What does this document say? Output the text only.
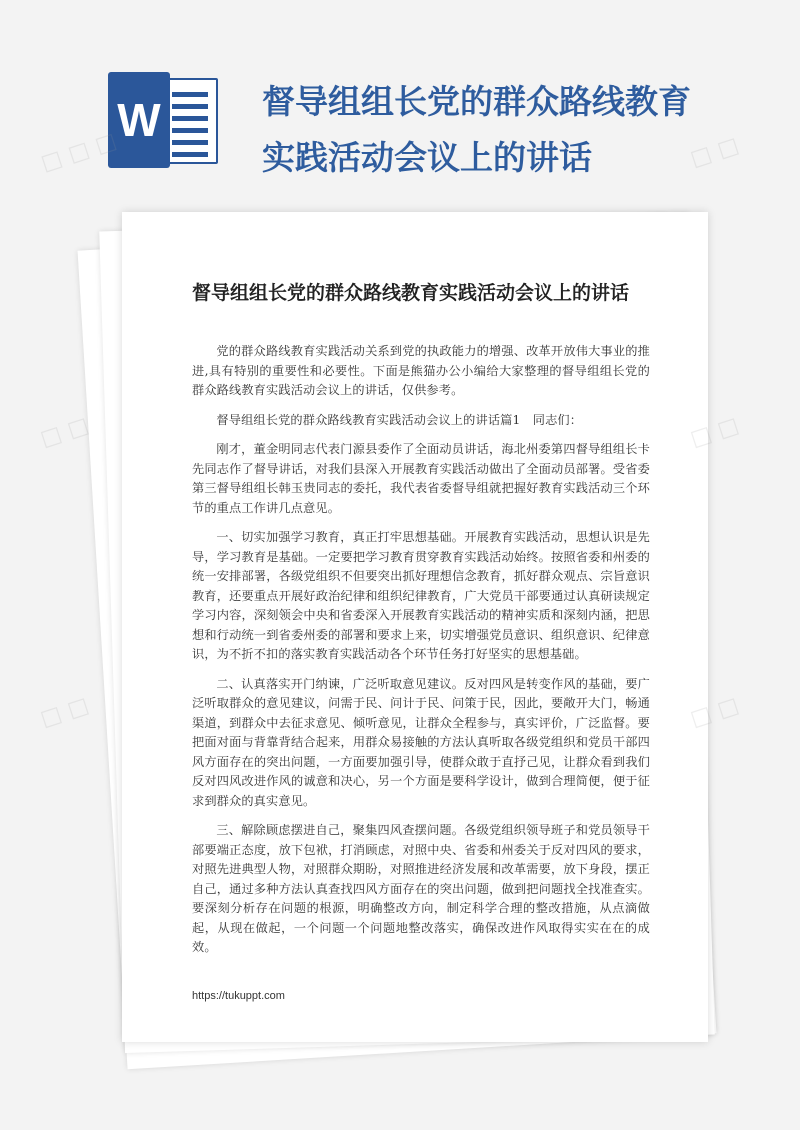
W	督导组组长党的群众路线教育实践活动会议上的讲话
督导组组长党的群众路线教育实践活动会议上的讲话

党的群众路线教育实践活动关系到党的执政能力的增强、改革开放伟大事业的推进,具有特别的重要性和必要性。下面是熊猫办公小编给大家整理的督导组组长党的群众路线教育实践活动会议上的讲话，仅供参考。

督导组组长党的群众路线教育实践活动会议上的讲话篇1　同志们：

刚才，董金明同志代表门源县委作了全面动员讲话，海北州委第四督导组组长卡先同志作了督导讲话，对我们县深入开展教育实践活动做出了全面动员部署。受省委第三督导组组长韩玉贵同志的委托，我代表省委督导组就把握好教育实践活动三个环节的重点工作讲几点意见。

一、切实加强学习教育，真正打牢思想基础。开展教育实践活动，思想认识是先导，学习教育是基础。一定要把学习教育贯穿教育实践活动始终。按照省委和州委的统一安排部署，各级党组织不但要突出抓好理想信念教育，抓好群众观点、宗旨意识教育，还要重点开展好政治纪律和组织纪律教育，广大党员干部要通过认真研读规定学习内容，深刻领会中央和省委深入开展教育实践活动的精神实质和深刻内涵，把思想和行动统一到省委州委的部署和要求上来，切实增强党员意识、组织意识、纪律意识，为不折不扣的落实教育实践活动各个环节任务打好坚实的思想基础。

二、认真落实开门纳谏，广泛听取意见建议。反对四风是转变作风的基础，要广泛听取群众的意见建议，问需于民、问计于民、问策于民，因此，要敞开大门，畅通渠道，到群众中去征求意见、倾听意见，让群众全程参与，真实评价，广泛监督。要把面对面与背靠背结合起来，用群众易接触的方法认真听取各级党组织和党员干部四风方面存在的突出问题，一方面要加强引导，使群众敢于直抒己见，让群众看到我们反对四风改进作风的诚意和决心，另一个方面是要科学设计，做到合理简便，便于征求到群众的真实意见。

三、解除顾虑摆进自己，聚集四风查摆问题。各级党组织领导班子和党员领导干部要端正态度，放下包袱，打消顾虑，对照中央、省委和州委关于反对四风的要求，对照先进典型人物，对照群众期盼，对照推进经济发展和改革需要，放下身段，摆正自己，通过多种方法认真查找四风方面存在的突出问题，做到把问题找全找准查实。要深刻分析存在问题的根源，明确整改方向，制定科学合理的整改措施，从点滴做起，从现在做起，一个问题一个问题地整改落实，确保改进作风取得实实在在的成效。

https://tukuppt.com
□ □ □	□ □
□ □	□ □
□ □	□ □
